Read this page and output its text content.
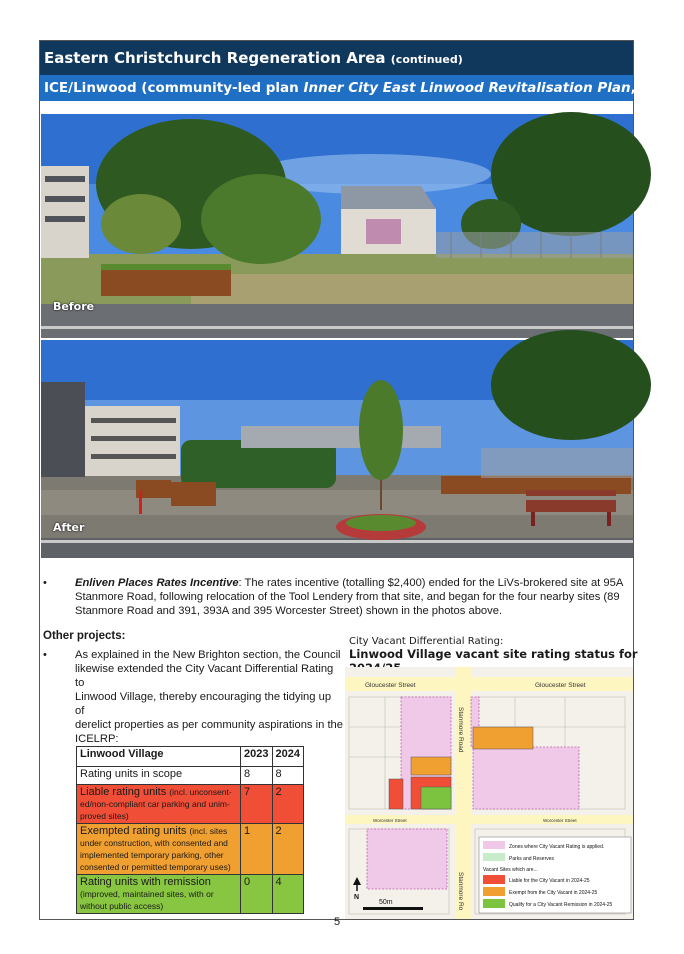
Eastern Christchurch Regeneration Area (continued)
ICE/Linwood (community-led plan Inner City East Linwood Revitalisation Plan, 2021)
Before
After
•	Enliven Places Rates Incentive: The rates incentive (totalling $2,400) ended for the LiVs-brokered site at 95A
Stanmore Road, following relocation of the Tool Lendery from that site, and began for the four nearby sites (89
Stanmore Road and 391, 393A and 395 Worcester Street) shown in the photos above.
Other projects:
•	As explained in the New Brighton section, the Council
likewise extended the City Vacant Differential Rating to
Linwood Village, thereby encouraging the tidying up of
derelict properties as per community aspirations in the
ICELRP:
Linwood Village	2023	2024
Rating units in scope	8	8
Liable rating units (incl. unconsent-
ed/non-compliant car parking and unim-
proved sites)	7	2
Exempted rating units (incl. sites
under construction, with consented and
implemented temporary parking, other
consented or permitted temporary uses)	1	2
Rating units with remission
(improved, maintained sites, with or
without public access)	0	4
City Vacant Differential Rating:
Linwood Village vacant site rating status for
Gloucester Street	Gloucester Street
Worcester Street	Worcester Street
Stanmore Road
Stanmore Ro
N
50m
Zones where City Vacant Rating is applied.
Parks and Reserves
Vacant Sites which are...
Liable for the City Vacant in 2024-25
Exempt from the City Vacant in 2024-25
Qualify for a City Vacant Remission in 2024-25
5
